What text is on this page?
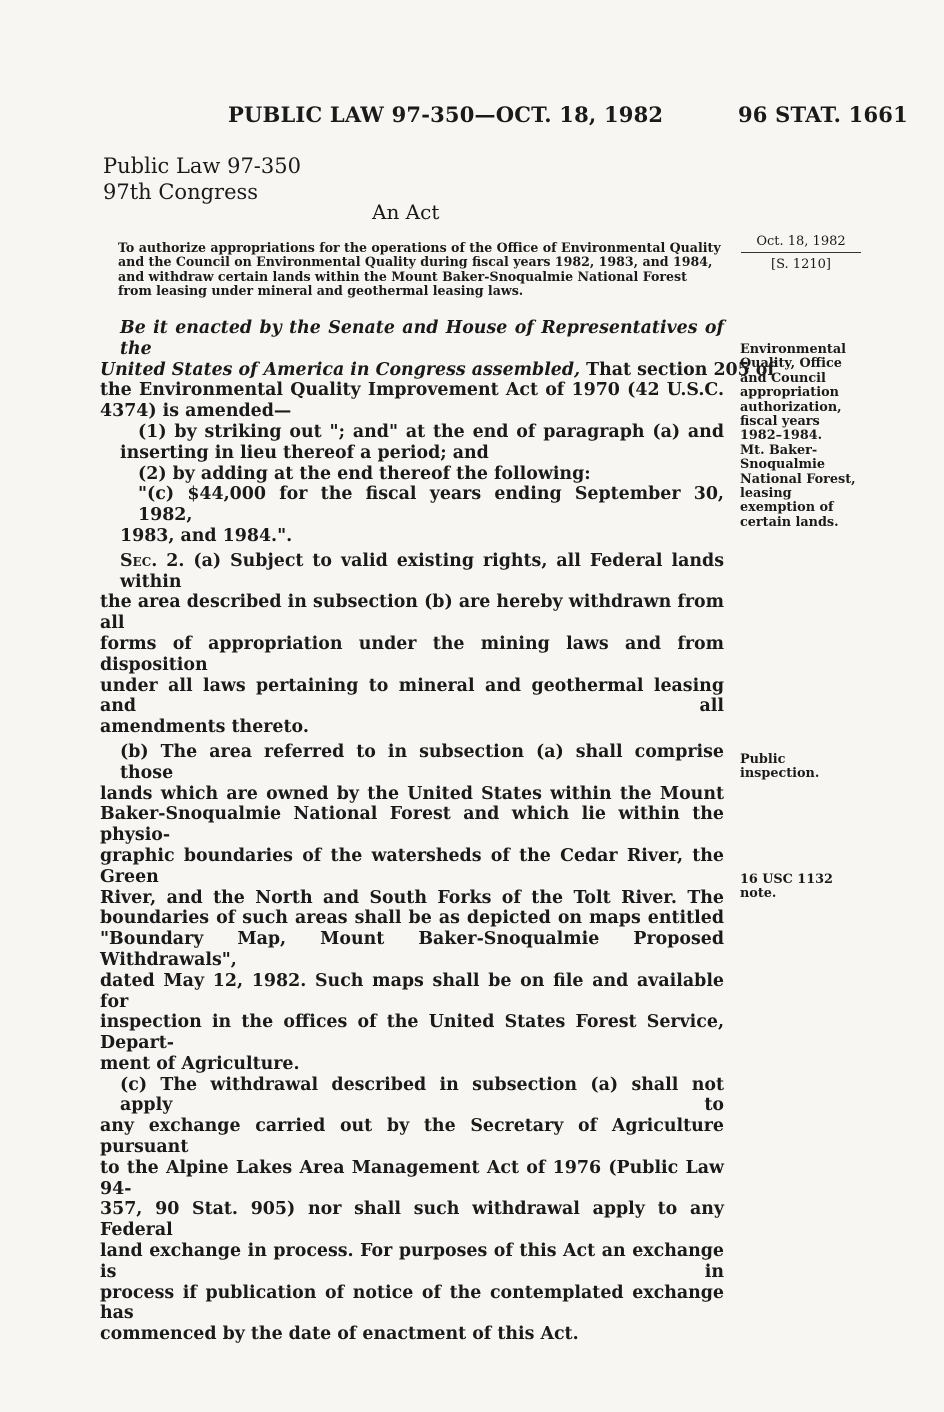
PUBLIC LAW 97-350—OCT. 18, 1982	96 STAT. 1661
Public Law 97-350
97th Congress
An Act
To authorize appropriations for the operations of the Office of Environmental Quality
and the Council on Environmental Quality during fiscal years 1982, 1983, and 1984,
and withdraw certain lands within the Mount Baker-Snoqualmie National Forest
from leasing under mineral and geothermal leasing laws.
Oct. 18, 1982
[S. 1210]
Be it enacted by the Senate and House of Representatives of the
United States of America in Congress assembled, That section 205 of
the Environmental Quality Improvement Act of 1970 (42 U.S.C.
4374) is amended—
(1) by striking out "; and" at the end of paragraph (a) and
inserting in lieu thereof a period; and
(2) by adding at the end thereof the following:
"(c) $44,000 for the fiscal years ending September 30, 1982,
1983, and 1984.".
Sec. 2. (a) Subject to valid existing rights, all Federal lands within
the area described in subsection (b) are hereby withdrawn from all
forms of appropriation under the mining laws and from disposition
under all laws pertaining to mineral and geothermal leasing and all
amendments thereto.
(b) The area referred to in subsection (a) shall comprise those
lands which are owned by the United States within the Mount
Baker-Snoqualmie National Forest and which lie within the physio-
graphic boundaries of the watersheds of the Cedar River, the Green
River, and the North and South Forks of the Tolt River. The
boundaries of such areas shall be as depicted on maps entitled
"Boundary Map, Mount Baker-Snoqualmie Proposed Withdrawals",
dated May 12, 1982. Such maps shall be on file and available for
inspection in the offices of the United States Forest Service, Depart-
ment of Agriculture.
(c) The withdrawal described in subsection (a) shall not apply to
any exchange carried out by the Secretary of Agriculture pursuant
to the Alpine Lakes Area Management Act of 1976 (Public Law 94-
357, 90 Stat. 905) nor shall such withdrawal apply to any Federal
land exchange in process. For purposes of this Act an exchange is in
process if publication of notice of the contemplated exchange has
commenced by the date of enactment of this Act.
Environmental
Quality, Office
and Council
appropriation
authorization,
fiscal years
1982–1984.
Mt. Baker-
Snoqualmie
National Forest,
leasing
exemption of
certain lands.
Public
inspection.
16 USC 1132
note.
